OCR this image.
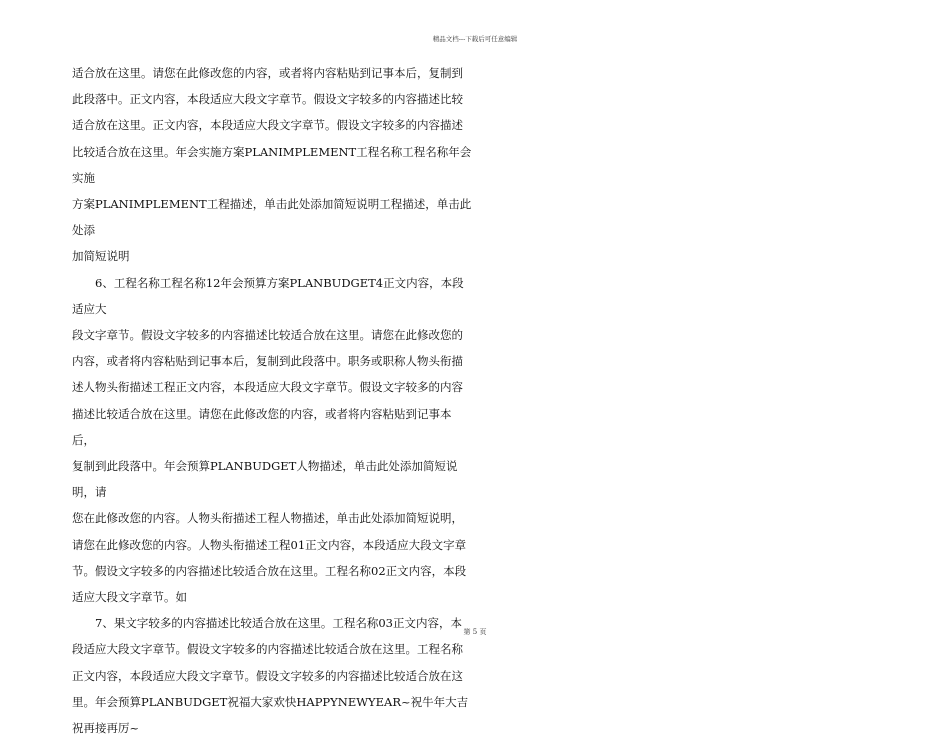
精品文档---下载后可任意编辑

适合放在这里。请您在此修改您的内容，或者将内容粘贴到记事本后，复制到
此段落中。正文内容，本段适应大段文字章节。假设文字较多的内容描述比较
适合放在这里。正文内容，本段适应大段文字章节。假设文字较多的内容描述
比较适合放在这里。年会实施方案PLANIMPLEMENT工程名称工程名称年会实施
方案PLANIMPLEMENT工程描述，单击此处添加简短说明工程描述，单击此处添
加简短说明

　　6、工程名称工程名称12年会预算方案PLANBUDGET4正文内容，本段适应大
段文字章节。假设文字较多的内容描述比较适合放在这里。请您在此修改您的
内容，或者将内容粘贴到记事本后，复制到此段落中。职务或职称人物头衔描
述人物头衔描述工程正文内容，本段适应大段文字章节。假设文字较多的内容
描述比较适合放在这里。请您在此修改您的内容，或者将内容粘贴到记事本后，
复制到此段落中。年会预算PLANBUDGET人物描述，单击此处添加简短说明，请
您在此修改您的内容。人物头衔描述工程人物描述，单击此处添加简短说明，
请您在此修改您的内容。人物头衔描述工程01正文内容，本段适应大段文字章
节。假设文字较多的内容描述比较适合放在这里。工程名称02正文内容，本段
适应大段文字章节。如

　　7、果文字较多的内容描述比较适合放在这里。工程名称03正文内容，本
段适应大段文字章节。假设文字较多的内容描述比较适合放在这里。工程名称
正文内容，本段适应大段文字章节。假设文字较多的内容描述比较适合放在这
里。年会预算PLANBUDGET祝福大家欢快HAPPYNEWYEAR~祝牛年大吉祝再接再厉~

第 5 页
